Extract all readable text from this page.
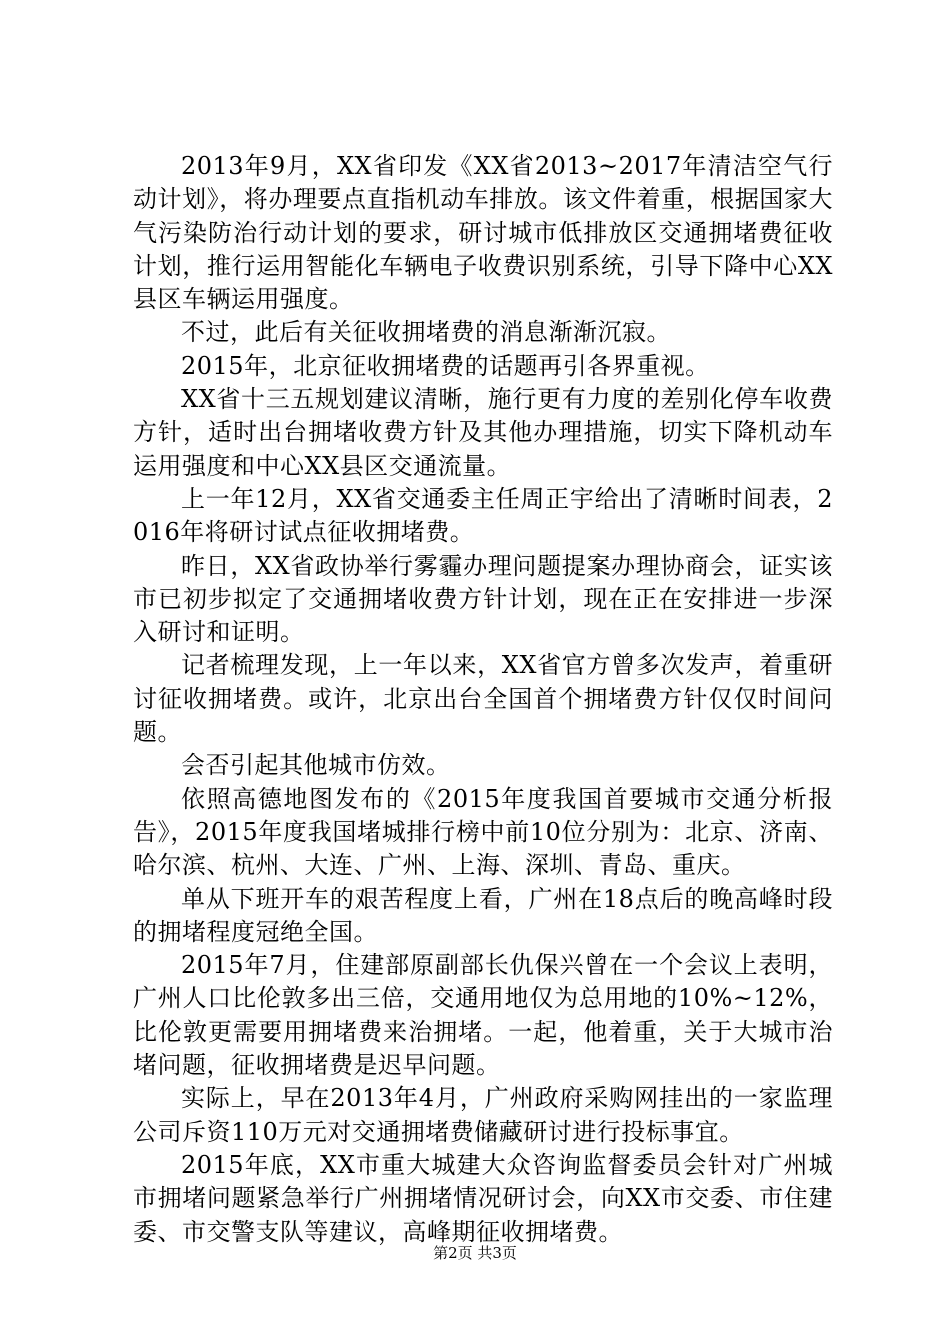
2013年9月，XX省印发《XX省2013~2017年清洁空气行动计划》，将办理要点直指机动车排放。该文件着重，根据国家大气污染防治行动计划的要求，研讨城市低排放区交通拥堵费征收计划，推行运用智能化车辆电子收费识别系统，引导下降中心XX县区车辆运用强度。

不过，此后有关征收拥堵费的消息渐渐沉寂。

2015年，北京征收拥堵费的话题再引各界重视。

XX省十三五规划建议清晰，施行更有力度的差别化停车收费方针，适时出台拥堵收费方针及其他办理措施，切实下降机动车运用强度和中心XX县区交通流量。

上一年12月，XX省交通委主任周正宇给出了清晰时间表，2016年将研讨试点征收拥堵费。

昨日，XX省政协举行雾霾办理问题提案办理协商会，证实该市已初步拟定了交通拥堵收费方针计划，现在正在安排进一步深入研讨和证明。

记者梳理发现，上一年以来，XX省官方曾多次发声，着重研讨征收拥堵费。或许，北京出台全国首个拥堵费方针仅仅时间问题。

会否引起其他城市仿效。

依照高德地图发布的《2015年度我国首要城市交通分析报告》，2015年度我国堵城排行榜中前10位分别为：北京、济南、哈尔滨、杭州、大连、广州、上海、深圳、青岛、重庆。

单从下班开车的艰苦程度上看，广州在18点后的晚高峰时段的拥堵程度冠绝全国。

2015年7月，住建部原副部长仇保兴曾在一个会议上表明，广州人口比伦敦多出三倍，交通用地仅为总用地的10%~12%，比伦敦更需要用拥堵费来治拥堵。一起，他着重，关于大城市治堵问题，征收拥堵费是迟早问题。

实际上，早在2013年4月，广州政府采购网挂出的一家监理公司斥资110万元对交通拥堵费储藏研讨进行投标事宜。

2015年底，XX市重大城建大众咨询监督委员会针对广州城市拥堵问题紧急举行广州拥堵情况研讨会，向XX市交委、市住建委、市交警支队等建议，高峰期征收拥堵费。

第2页 共3页
